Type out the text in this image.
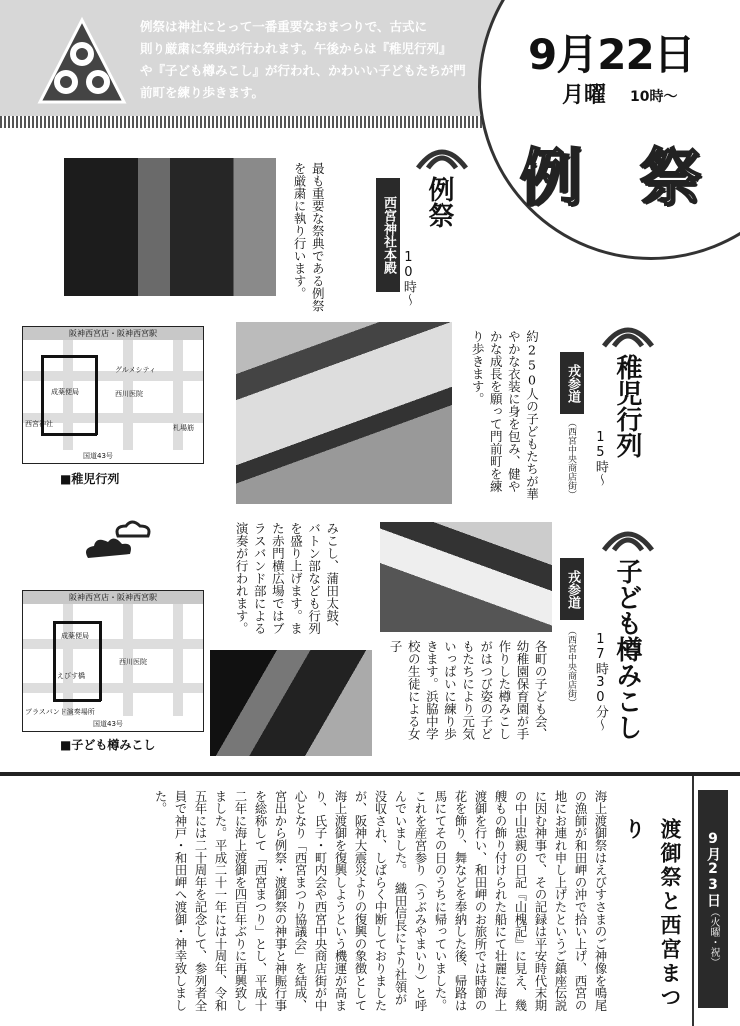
例祭は神社にとって一番重要なおまつりで、古式に
則り厳粛に祭典が行われます。午後からは『稚児行列』
や『子ども樽みこし』が行われ、かわいい子どもたちが門
前町を練り歩きます。
9月22日
月曜 10時～
例 祭
最も重要な祭典である例祭を厳粛に執り行います。	西宮神社本殿 例祭
10時～
阪神西宮店・阪神西宮駅
グルメシティ
西川医院
成薬便局
西宮神社	札場筋
国道43号
■稚児行列	約250人の子どもたちが華やかな衣装に身を包み、健やかな成長を願って門前町を練り歩きます。	戎参道
（西宮中央商店街）
稚児行列
15時～
阪神西宮店・阪神西宮駅
成薬便局
西川医院
えびす橋
ブラスバンド演奏場所
国道43号
■子ども樽みこし
みこし、蒲田太鼓、バトン部なども行列を盛り上げます。また赤門横広場ではブラスバンド部による演奏が行われます。
各町の子ども会、幼稚園保育園が手作りした樽みこしがはつび姿の子どもたちにより元気いっぱいに練り歩きます。浜脇中学校の生徒による女子
戎参道
（西宮中央商店街） 子ども樽みこし
17時30分～
9月23日（火曜・祝）
渡御祭と西宮まつり
海上渡御祭はえびすさまのご神像を鳴尾の漁師が和田岬の沖で拾い上げ、西宮の地にお連れ申し上げたというご鎮座伝説に因む神事で、その記録は平安時代末期の中山忠親の日記『山槐記』に見え、幾艘もの飾り付けられた船にて壮麗に海上渡御を行い、和田岬のお旅所では時節の花を飾り、舞などを奉納した後、帰路は馬にてその日のうちに帰っていました。これを産宮参り（うぶみやまいり）と呼んでいました。　織田信長により社領が没収され、しばらく中断しておりましたが、阪神大震災よりの復興の象徴として海上渡御を復興しようという機運が高まり、氏子・町内会や西宮中央商店街が中心となり「西宮まつり協議会」を結成、宮出から例祭・渡御祭の神事と神賑行事を総称して「西宮まつり」とし、平成十二年に海上渡御を四百年ぶりに再興致しました。平成二十一年には十周年、令和五年には二十周年を記念して、参列者全員で神戸・和田岬へ渡御・神幸致しました。
